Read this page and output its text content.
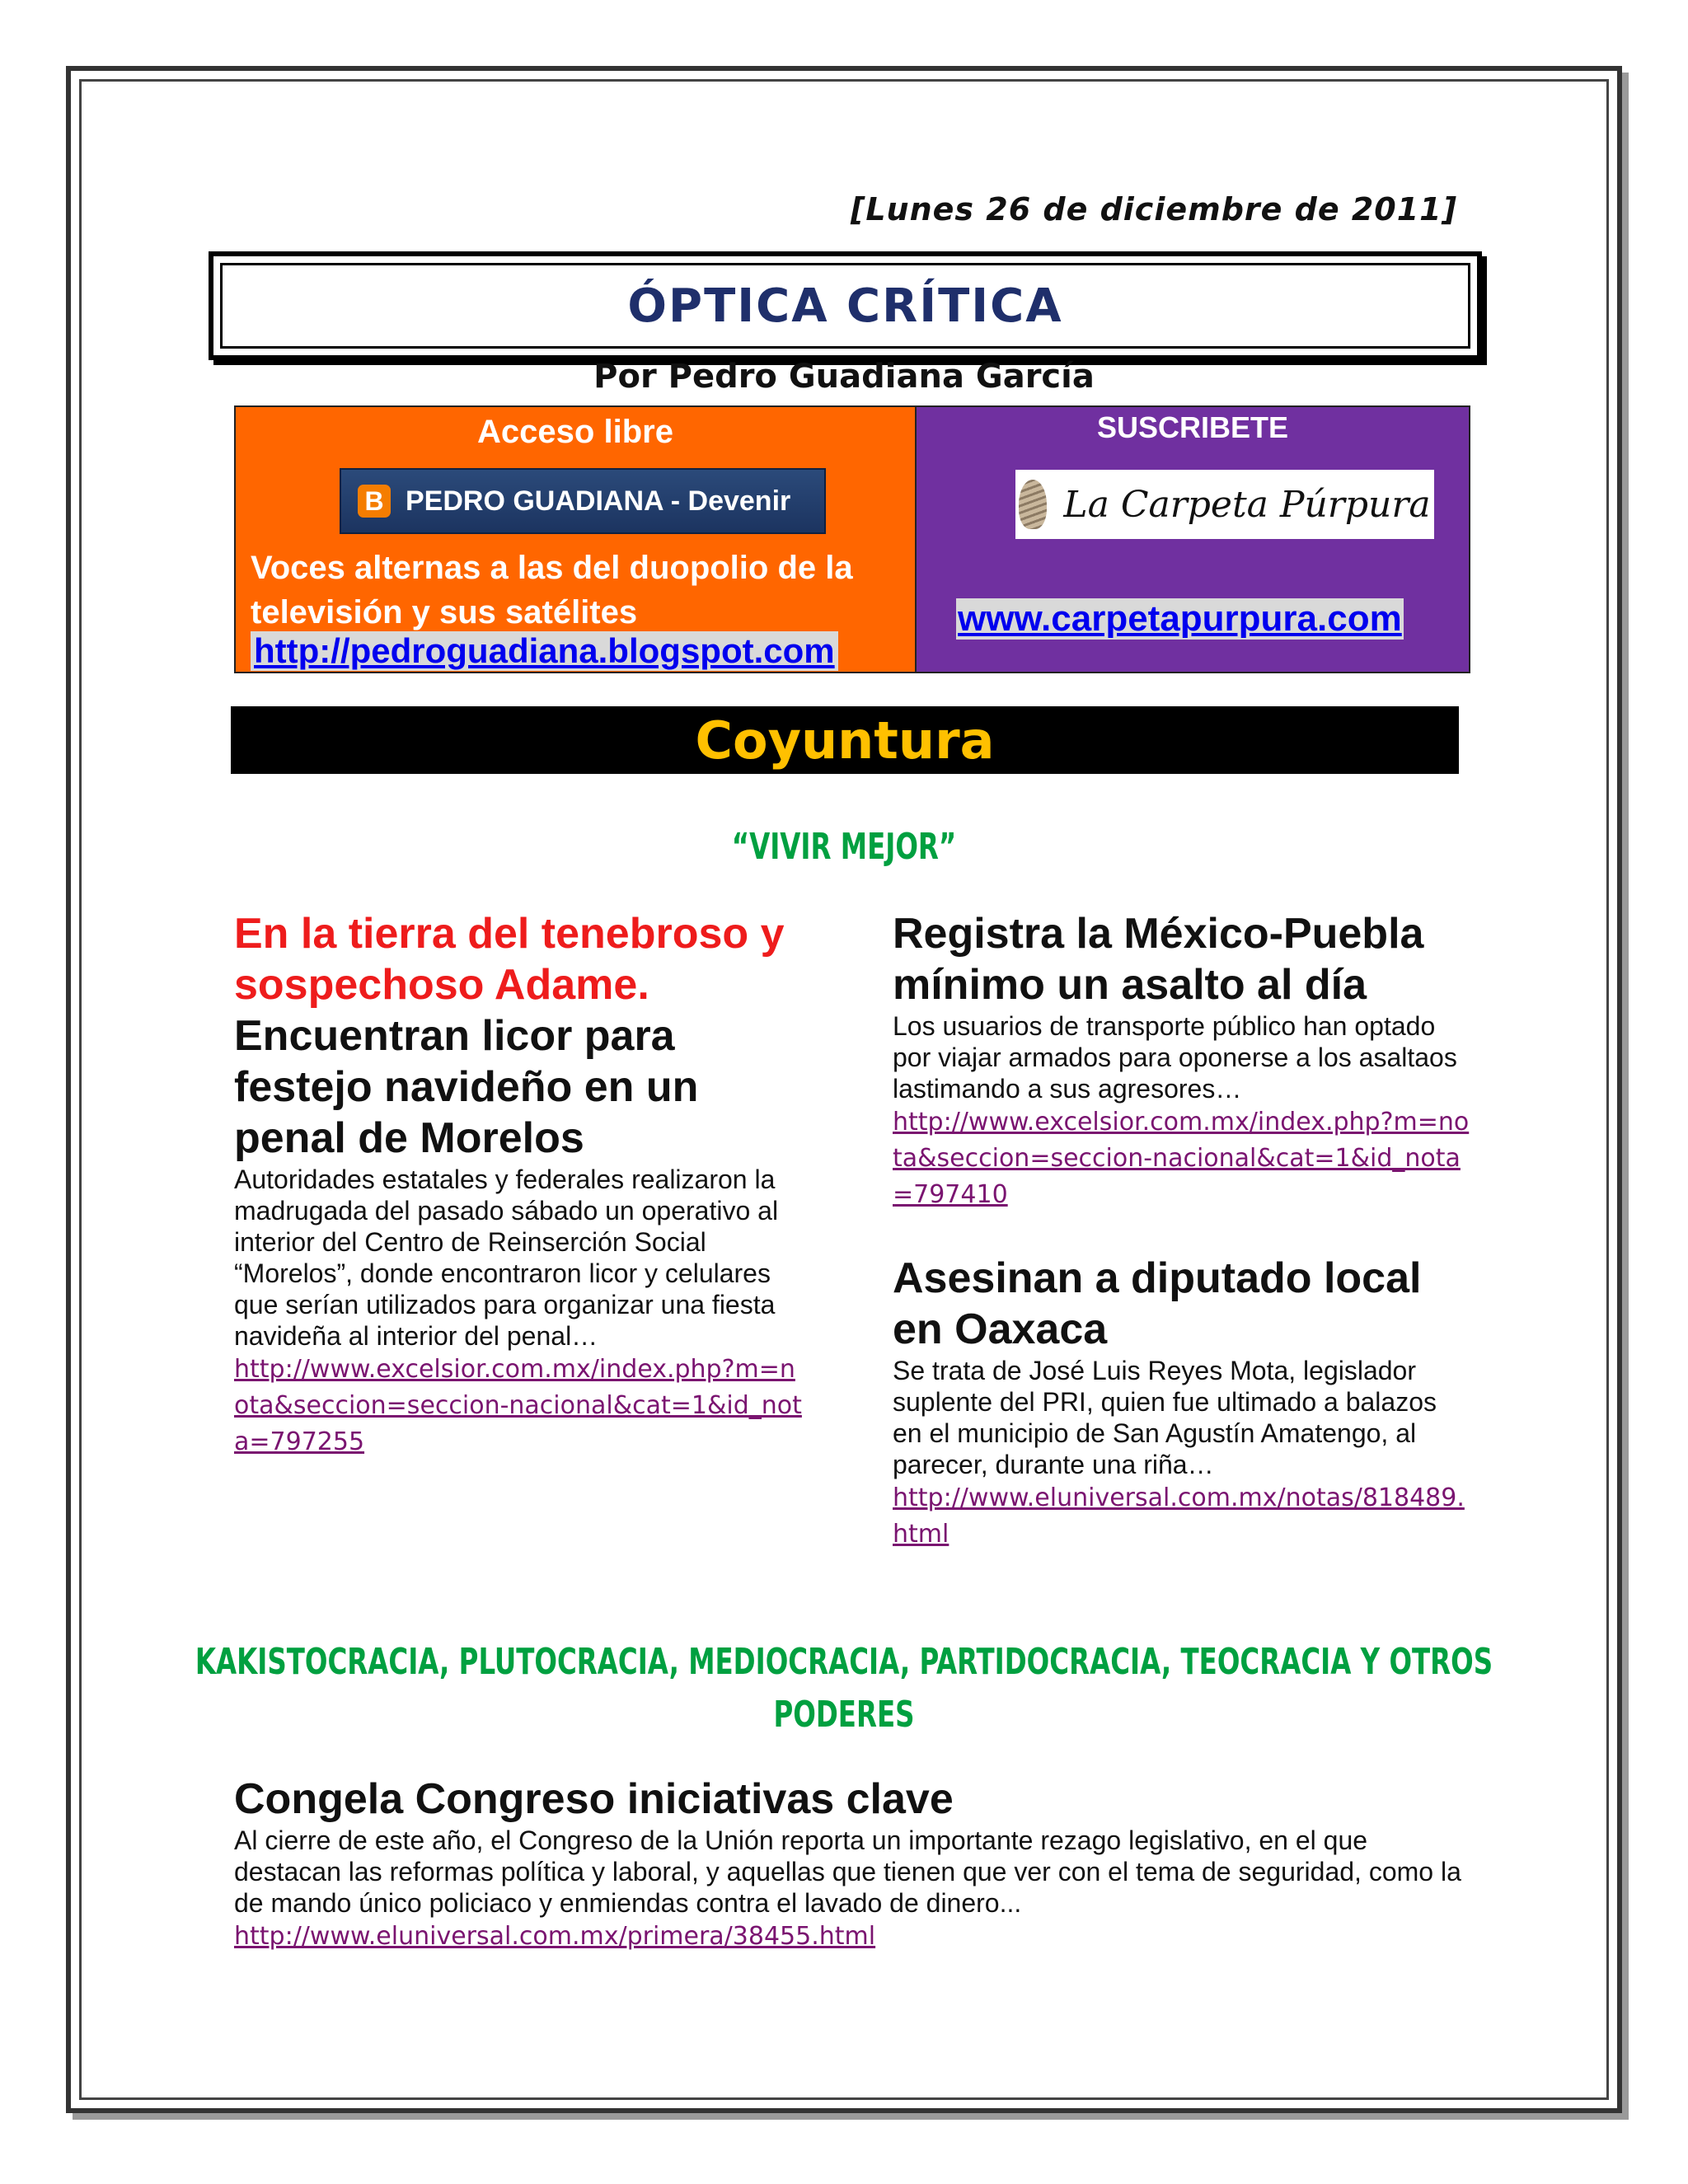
[Lunes 26 de diciembre de 2011]
ÓPTICA CRÍTICA
Por Pedro Guadiana García
Acceso libre
B PEDRO GUADIANA - Devenir
Voces alternas a las del duopolio de la televisión y sus satélites
http://pedroguadiana.blogspot.com
SUSCRIBETE
La Carpeta Púrpura
www.carpetapurpura.com
Coyuntura
“VIVIR MEJOR”
En la tierra del tenebroso y sospechoso Adame.
Encuentran licor para festejo navideño en un penal de Morelos
Autoridades estatales y federales realizaron la madrugada del pasado sábado un operativo al interior del Centro de Reinserción Social “Morelos”, donde encontraron licor y celulares que serían utilizados para organizar una fiesta navideña al interior del penal…
http://www.excelsior.com.mx/index.php?m=nota&seccion=seccion-nacional&cat=1&id_nota=797255
Registra la México-Puebla mínimo un asalto al día
Los usuarios de transporte público han optado por viajar armados para oponerse a los asaltaos lastimando a sus agresores…
http://www.excelsior.com.mx/index.php?m=nota&seccion=seccion-nacional&cat=1&id_nota=797410
Asesinan a diputado local en Oaxaca
Se trata de José Luis Reyes Mota, legislador suplente del PRI, quien fue ultimado a balazos en el municipio de San Agustín Amatengo, al parecer, durante una riña…
http://www.eluniversal.com.mx/notas/818489.html
KAKISTOCRACIA, PLUTOCRACIA, MEDIOCRACIA, PARTIDOCRACIA, TEOCRACIA Y OTROS PODERES
Congela Congreso iniciativas clave
Al cierre de este año, el Congreso de la Unión reporta un importante rezago legislativo, en el que destacan las reformas política y laboral, y aquellas que tienen que ver con el tema de seguridad, como la de mando único policiaco y enmiendas contra el lavado de dinero...
http://www.eluniversal.com.mx/primera/38455.html
